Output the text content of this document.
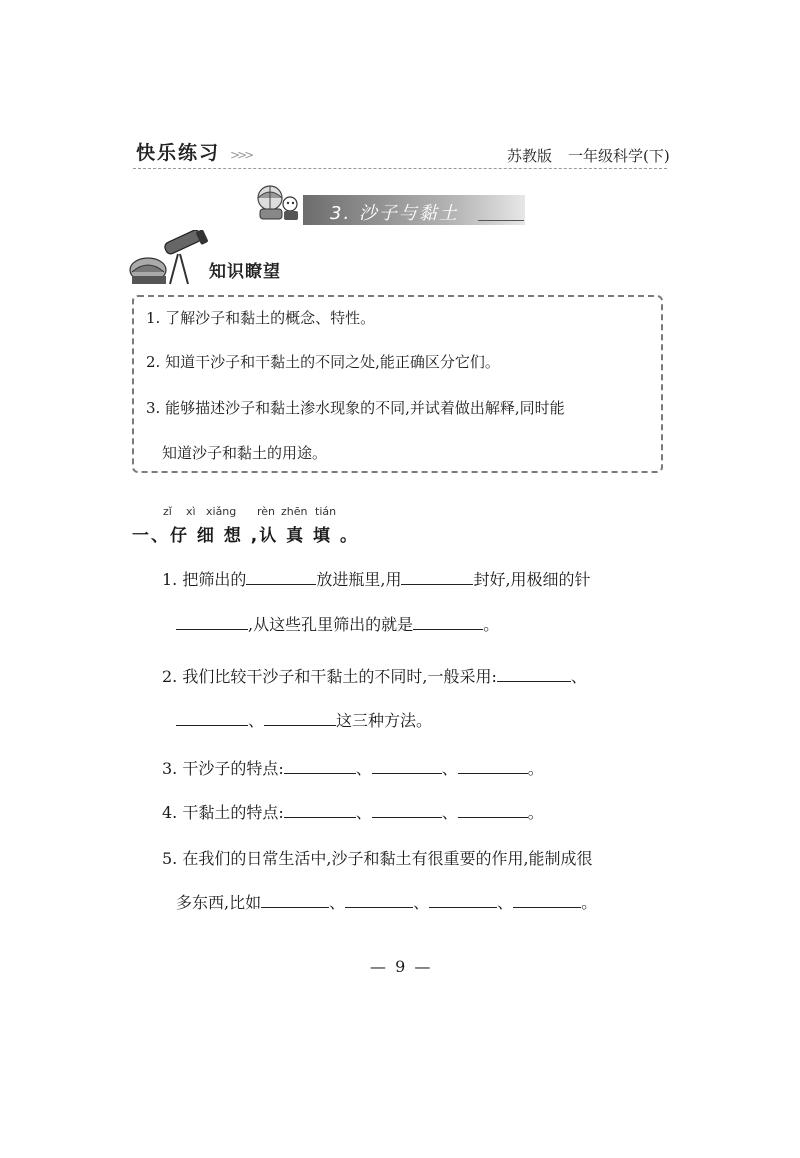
快乐练习 >>>	苏教版 一年级科学(下)
3. 沙子与黏土
知识瞭望
1. 了解沙子和黏土的概念、特性。
2. 知道干沙子和干黏土的不同之处,能正确区分它们。
3. 能够描述沙子和黏土渗水现象的不同,并试着做出解释,同时能
知道沙子和黏土的用途。
zǐ xì xiǎng rèn zhēn tián
一、仔 细 想 ,认 真 填 。
1. 把筛出的	放进瓶里,用	封好,用极细的针
,从这些孔里筛出的就是	。
2. 我们比较干沙子和干黏土的不同时,一般采用:	、
、	这三种方法。
3. 干沙子的特点:	、	、	。
4. 干黏土的特点:	、	、	。
5. 在我们的日常生活中,沙子和黏土有很重要的作用,能制成很
多东西,比如	、	、	、	。
— 9 —
